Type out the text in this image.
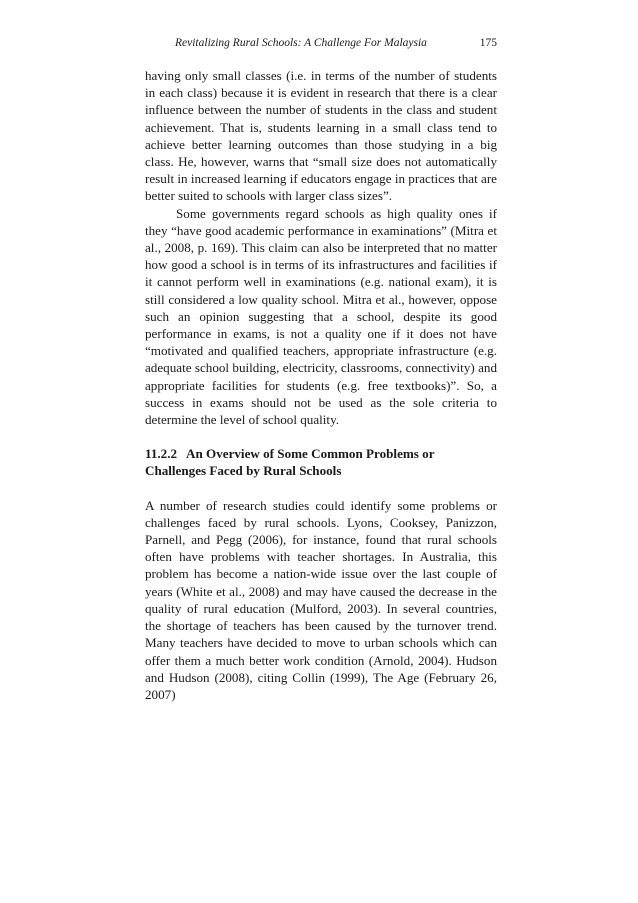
Revitalizing Rural Schools: A Challenge For Malaysia	175

having only small classes (i.e. in terms of the number of students in each class) because it is evident in research that there is a clear influence between the number of students in the class and student achievement. That is, students learning in a small class tend to achieve better learning outcomes than those studying in a big class. He, however, warns that “small size does not automatically result in increased learning if educators engage in practices that are better suited to schools with larger class sizes”.

Some governments regard schools as high quality ones if they “have good academic performance in examinations” (Mitra et al., 2008, p. 169). This claim can also be interpreted that no matter how good a school is in terms of its infrastructures and facilities if it cannot perform well in examinations (e.g. national exam), it is still considered a low quality school. Mitra et al., however, oppose such an opinion suggesting that a school, despite its good performance in exams, is not a quality one if it does not have “motivated and qualified teachers, appropriate infrastructure (e.g. adequate school building, electricity, classrooms, connectivity) and appropriate facilities for students (e.g. free textbooks)”. So, a success in exams should not be used as the sole criteria to determine the level of school quality.

11.2.2 An Overview of Some Common Problems or
Challenges Faced by Rural Schools

A number of research studies could identify some problems or challenges faced by rural schools. Lyons, Cooksey, Panizzon, Parnell, and Pegg (2006), for instance, found that rural schools often have problems with teacher shortages. In Australia, this problem has become a nation-wide issue over the last couple of years (White et al., 2008) and may have caused the decrease in the quality of rural education (Mulford, 2003). In several countries, the shortage of teachers has been caused by the turnover trend. Many teachers have decided to move to urban schools which can offer them a much better work condition (Arnold, 2004). Hudson and Hudson (2008), citing Collin (1999), The Age (February 26, 2007)
